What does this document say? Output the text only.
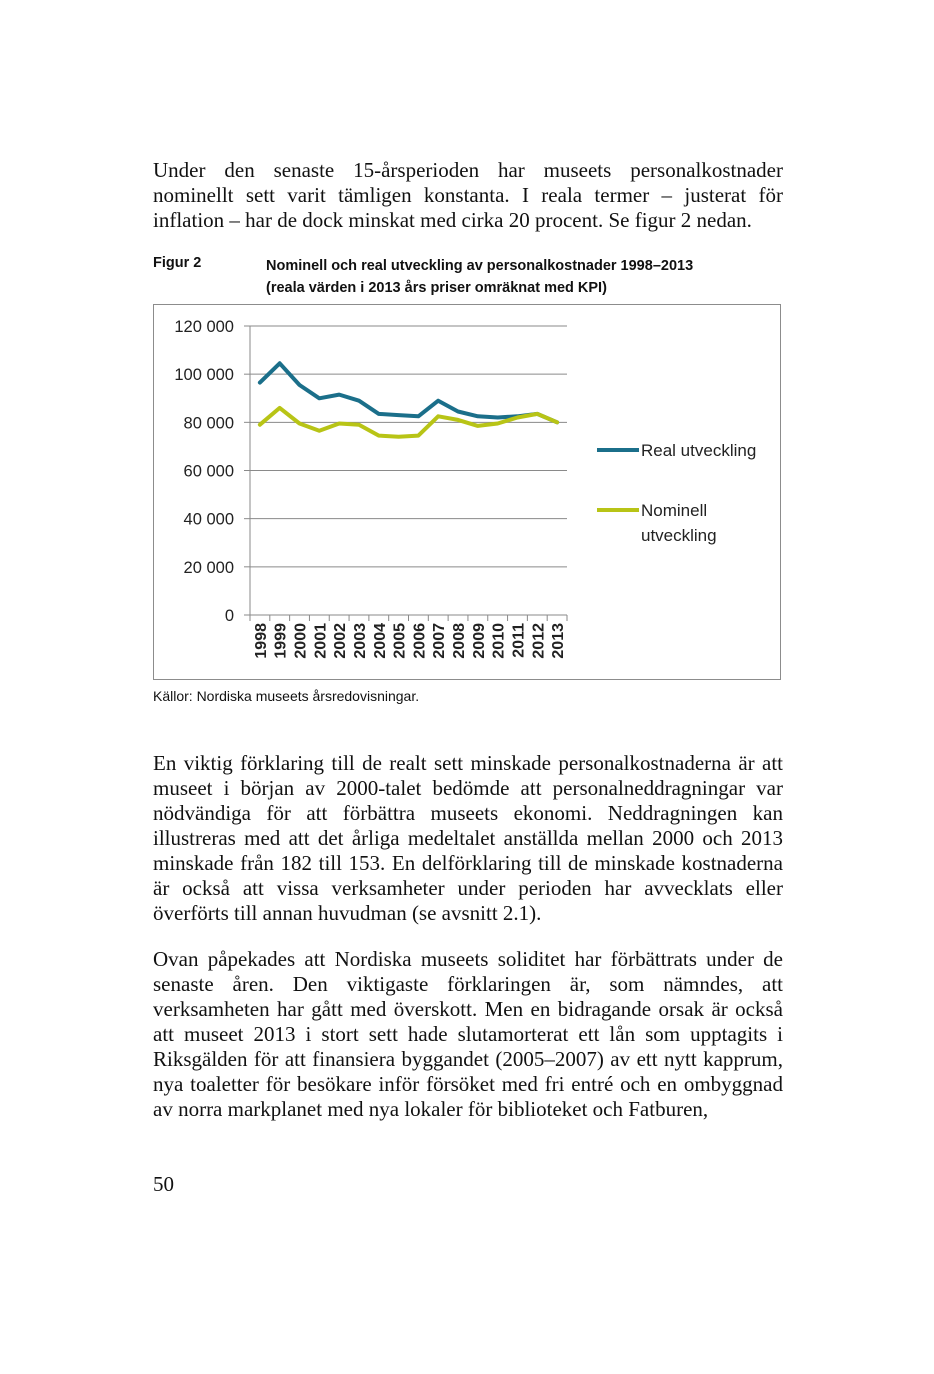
Under den senaste 15-årsperioden har museets personalkostnader nominellt sett varit tämligen konstanta. I reala termer – justerat för inflation – har de dock minskat med cirka 20 procent. Se figur 2 nedan.

Figur 2	Nominell och real utveckling av personalkostnader 1998–2013
(reala värden i 2013 års priser omräknat med KPI)
0
20 000
40 000
60 000
80 000
100 000
120 000
1998 1999 2000 2001 2002 2003 2004 2005 2006 2007 2008 2009 2010 2011 2012 2013
Real utveckling
Nominell
utveckling
Källor: Nordiska museets årsredovisningar.

En viktig förklaring till de realt sett minskade personalkostnaderna är att museet i början av 2000-talet bedömde att personalneddragningar var nödvändiga för att förbättra museets ekonomi. Neddragningen kan illustreras med att det årliga medeltalet anställda mellan 2000 och 2013 minskade från 182 till 153. En delförklaring till de minskade kostnaderna är också att vissa verksamheter under perioden har avvecklats eller överförts till annan huvudman (se avsnitt 2.1).

Ovan påpekades att Nordiska museets soliditet har förbättrats under de senaste åren. Den viktigaste förklaringen är, som nämndes, att verksamheten har gått med överskott. Men en bidragande orsak är också att museet 2013 i stort sett hade slutamorterat ett lån som upptagits i Riksgälden för att finansiera byggandet (2005–2007) av ett nytt kapprum, nya toaletter för besökare inför försöket med fri entré och en ombyggnad av norra markplanet med nya lokaler för biblioteket och Fatburen,

50
